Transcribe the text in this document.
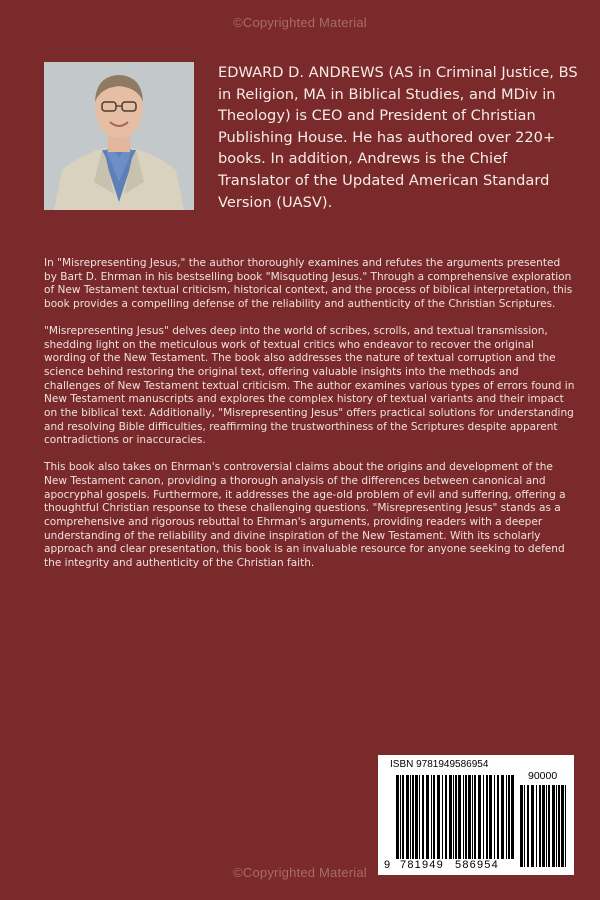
©Copyrighted Material

EDWARD D. ANDREWS (AS in Criminal Justice, BS in Religion, MA in Biblical Studies, and MDiv in Theology) is CEO and President of Christian Publishing House. He has authored over 220+ books. In addition, Andrews is the Chief Translator of the Updated American Standard Version (UASV).

In "Misrepresenting Jesus," the author thoroughly examines and refutes the arguments presented by Bart D. Ehrman in his bestselling book "Misquoting Jesus." Through a comprehensive exploration of New Testament textual criticism, historical context, and the process of biblical interpretation, this book provides a compelling defense of the reliability and authenticity of the Christian Scriptures.

"Misrepresenting Jesus" delves deep into the world of scribes, scrolls, and textual transmission, shedding light on the meticulous work of textual critics who endeavor to recover the original wording of the New Testament. The book also addresses the nature of textual corruption and the science behind restoring the original text, offering valuable insights into the methods and challenges of New Testament textual criticism. The author examines various types of errors found in New Testament manuscripts and explores the complex history of textual variants and their impact on the biblical text. Additionally, "Misrepresenting Jesus" offers practical solutions for understanding and resolving Bible difficulties, reaffirming the trustworthiness of the Scriptures despite apparent contradictions or inaccuracies.

This book also takes on Ehrman's controversial claims about the origins and development of the New Testament canon, providing a thorough analysis of the differences between canonical and apocryphal gospels. Furthermore, it addresses the age-old problem of evil and suffering, offering a thoughtful Christian response to these challenging questions. "Misrepresenting Jesus" stands as a comprehensive and rigorous rebuttal to Ehrman's arguments, providing readers with a deeper understanding of the reliability and divine inspiration of the New Testament. With its scholarly approach and clear presentation, this book is an invaluable resource for anyone seeking to defend the integrity and authenticity of the Christian faith.

ISBN 9781949586954
90000
9 781949 586954
©Copyrighted Material
